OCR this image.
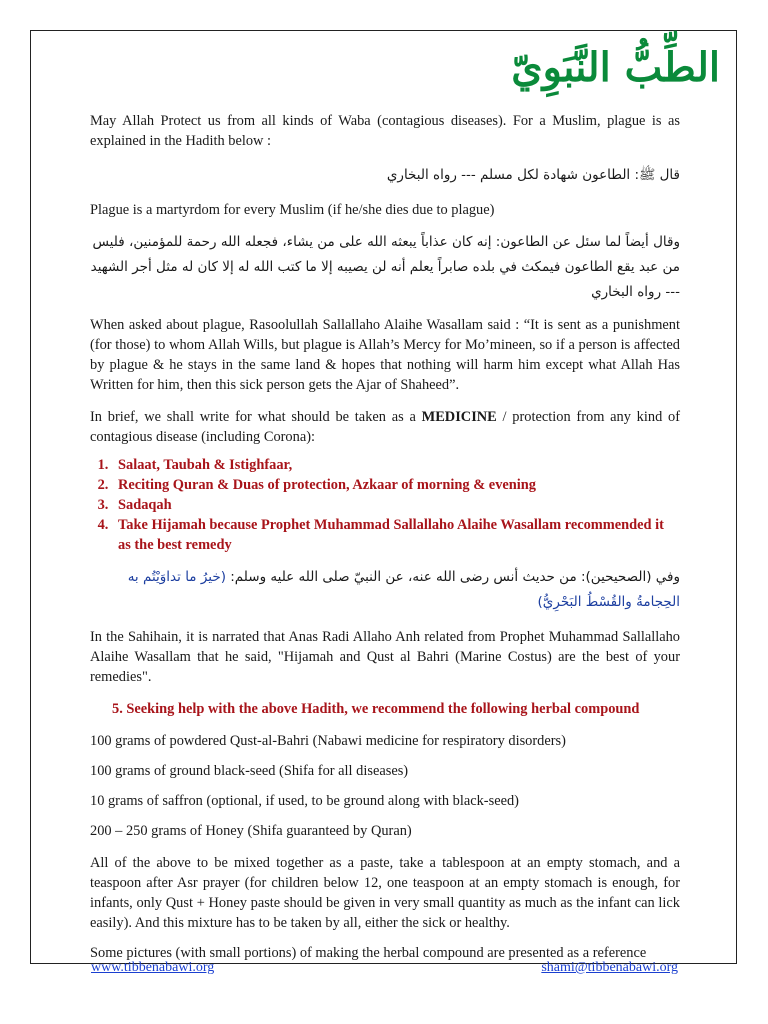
الطِّبُّ النَّبَوِيّ

May Allah Protect us from all kinds of Waba (contagious diseases). For a Muslim, plague is as explained in the Hadith below :

قال ﷺ: الطاعون شهادة لكل مسلم --- رواه البخاري

Plague is a martyrdom for every Muslim (if he/she dies due to plague)

وقال أيضاً لما سئل عن الطاعون: إنه كان عذاباً يبعثه الله على من يشاء، فجعله الله رحمة للمؤمنين، فليس من عبد يقع الطاعون فيمكث في بلده صابراً يعلم أنه لن يصيبه إلا ما كتب الله له إلا كان له مثل أجر الشهيد --- رواه البخاري

When asked about plague, Rasoolullah Sallallaho Alaihe Wasallam said : “It is sent as a punishment (for those) to whom Allah Wills, but plague is Allah’s Mercy for Mo’mineen, so if a person is affected by plague & he stays in the same land & hopes that nothing will harm him except what Allah Has Written for him, then this sick person gets the Ajar of Shaheed”.

In brief, we shall write for what should be taken as a MEDICINE / protection from any kind of contagious disease (including Corona):

1. Salaat, Taubah & Istighfaar,
2. Reciting Quran & Duas of protection, Azkaar of morning & evening
3. Sadaqah
4. Take Hijamah because Prophet Muhammad Sallallaho Alaihe Wasallam recommended it as the best remedy

وفي (الصحيحين): من حديث أنس رضى الله عنه، عن النبيّ صلى الله عليه وسلم: (خيرُ ما تداوَيْتُم به الحِجامةُ والقُسْطُ البَحْرِيُّ)

In the Sahihain, it is narrated that Anas Radi Allaho Anh related from Prophet Muhammad Sallallaho Alaihe Wasallam that he said, "Hijamah and Qust al Bahri (Marine Costus) are the best of your remedies".

5. Seeking help with the above Hadith, we recommend the following herbal compound

100 grams of powdered Qust-al-Bahri (Nabawi medicine for respiratory disorders)

100 grams of ground black-seed (Shifa for all diseases)

10 grams of saffron (optional, if used, to be ground along with black-seed)

200 – 250 grams of Honey (Shifa guaranteed by Quran)

All of the above to be mixed together as a paste, take a tablespoon at an empty stomach, and a teaspoon after Asr prayer (for children below 12, one teaspoon at an empty stomach is enough, for infants, only Qust + Honey paste should be given in very small quantity as much as the infant can lick easily). And this mixture has to be taken by all, either the sick or healthy.

Some pictures (with small portions) of making the herbal compound are presented as a reference

www.tibbenabawi.org	shami@tibbenabawi.org
